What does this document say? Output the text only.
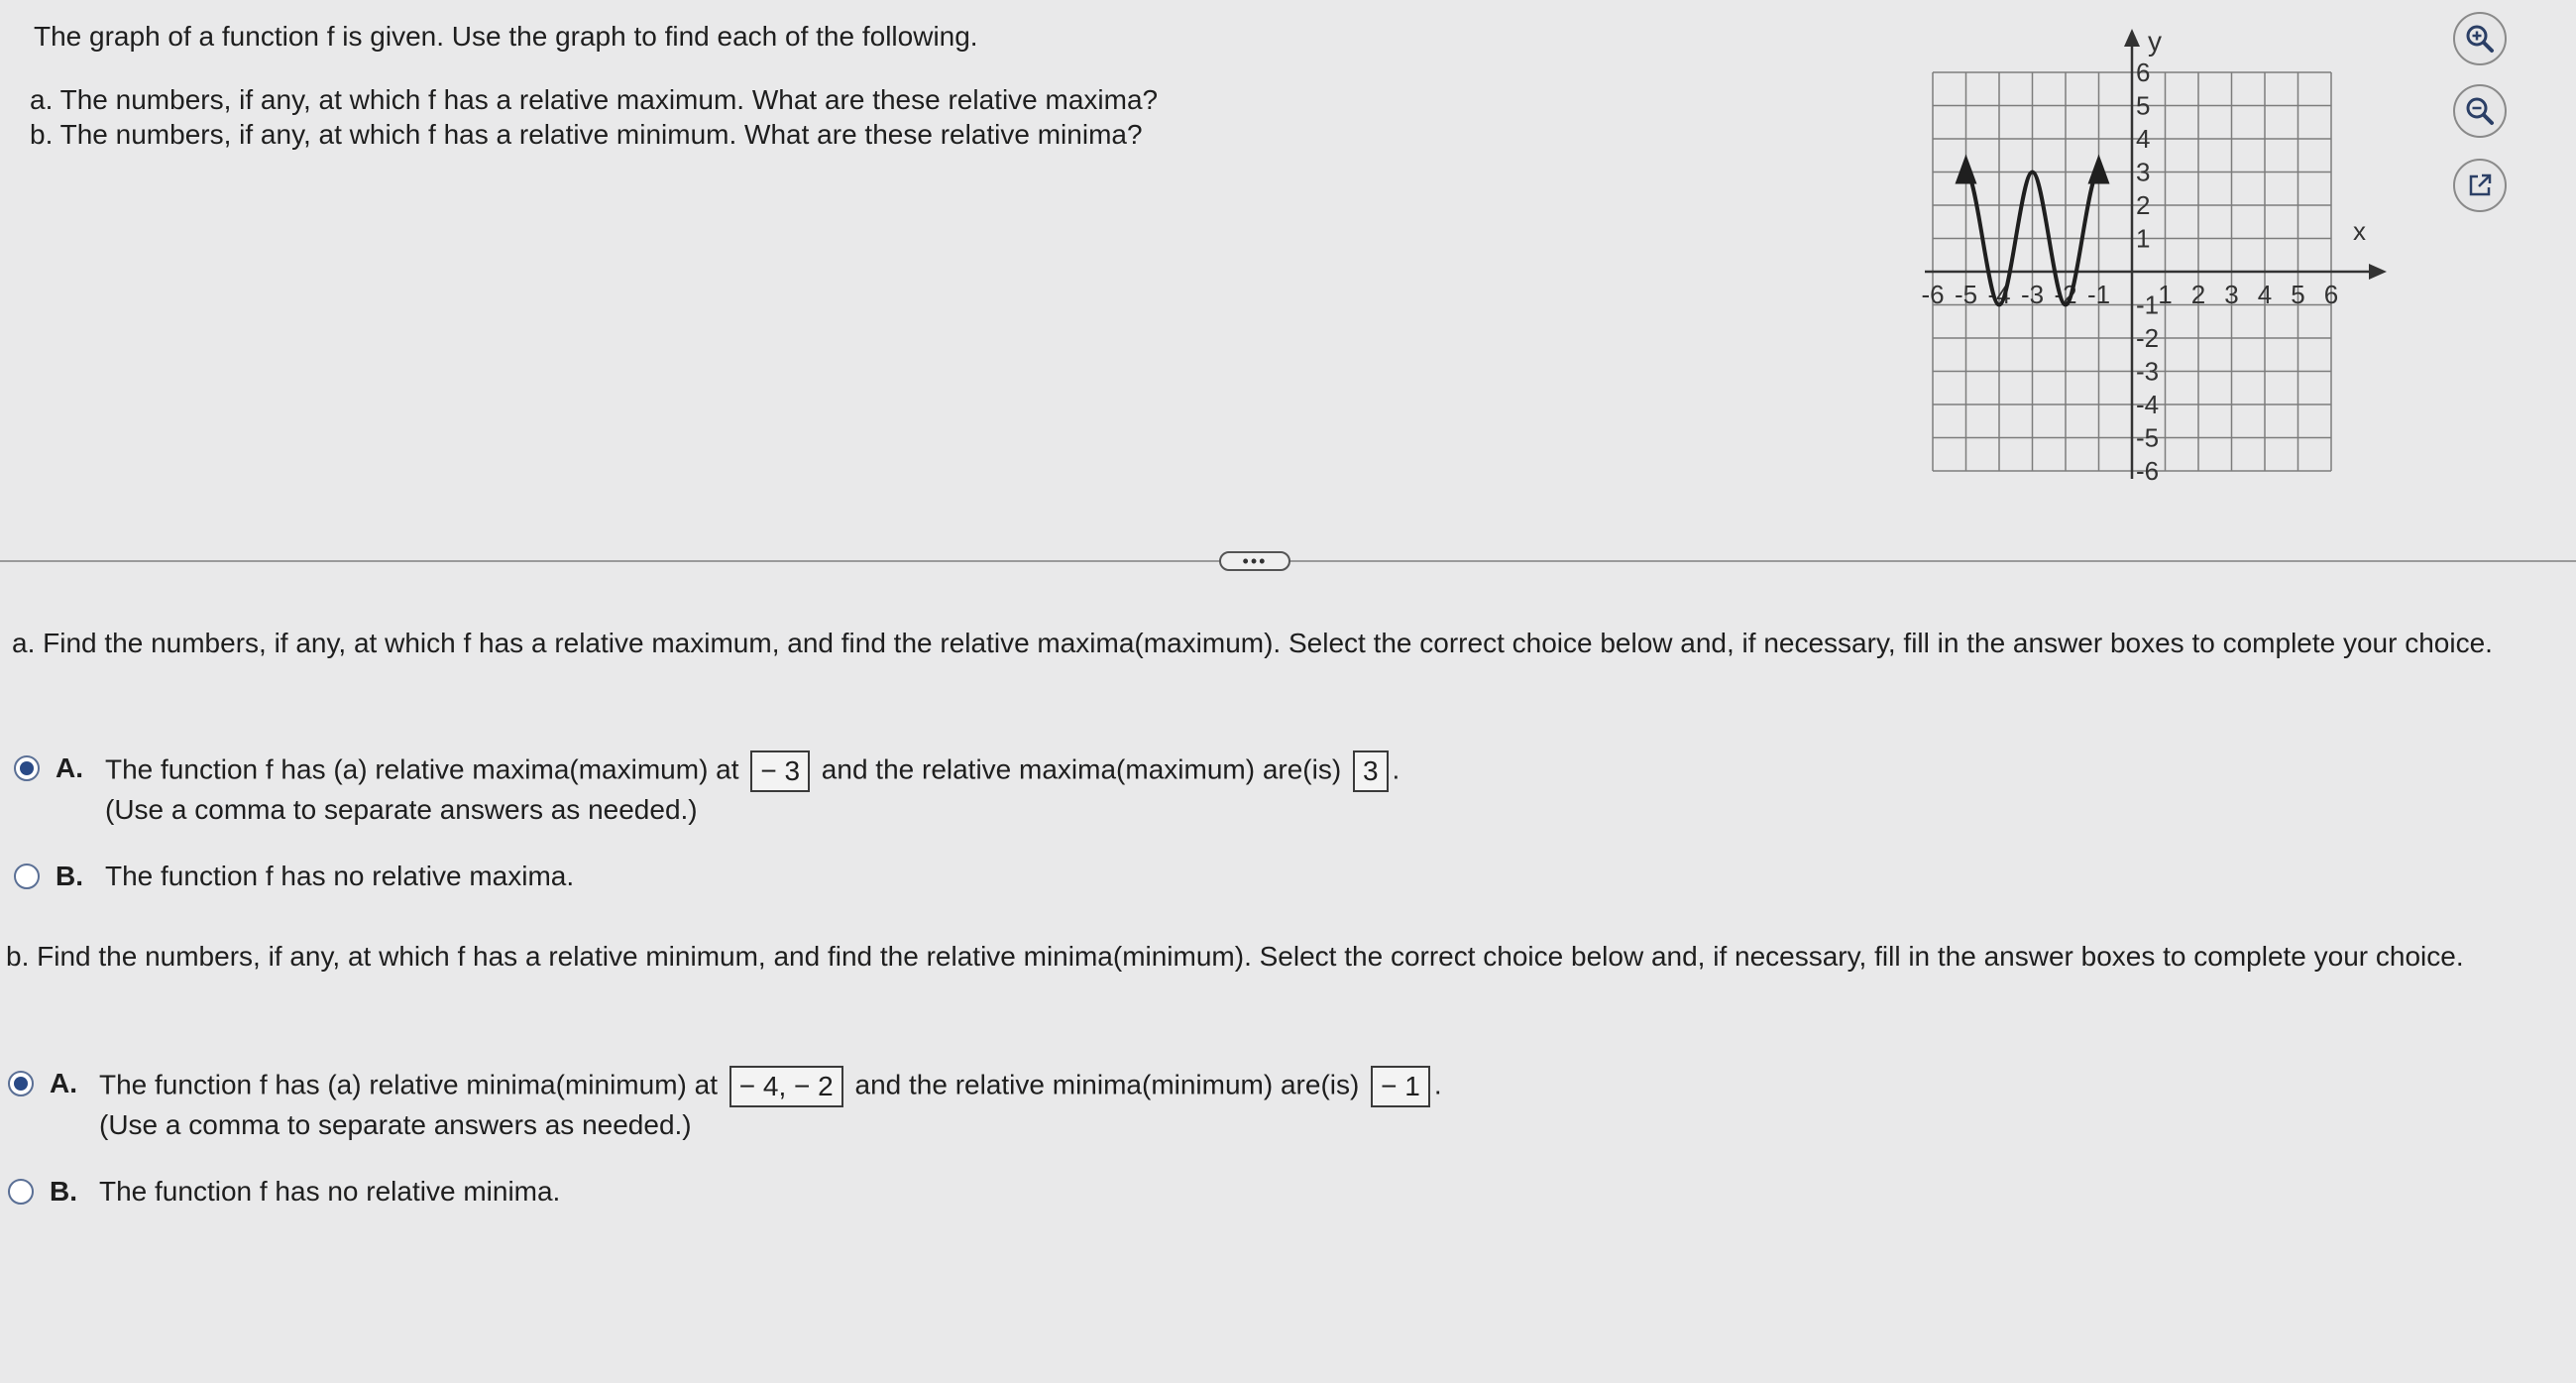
The graph of a function f is given. Use the graph to find each of the following.
a. The numbers, if any, at which f has a relative maximum. What are these relative maxima?
b. The numbers, if any, at which f has a relative minimum. What are these relative minima?
x
y
-6 -5 -4 -3 -2 -1 1 2 3 4 5 6
6
5
4
3
2
1
-1
-2
-3
-4
-5
-6
•••
a. Find the numbers, if any, at which f has a relative maximum, and find the relative maxima(maximum). Select the correct choice below and, if necessary, fill in the answer boxes to complete your choice.
A. The function f has (a) relative maxima(maximum) at − 3 and the relative maxima(maximum) are(is) 3 .
(Use a comma to separate answers as needed.)
B. The function f has no relative maxima.
b. Find the numbers, if any, at which f has a relative minimum, and find the relative minima(minimum). Select the correct choice below and, if necessary, fill in the answer boxes to complete your choice.
A. The function f has (a) relative minima(minimum) at − 4, − 2 and the relative minima(minimum) are(is) − 1 .
(Use a comma to separate answers as needed.)
B. The function f has no relative minima.
